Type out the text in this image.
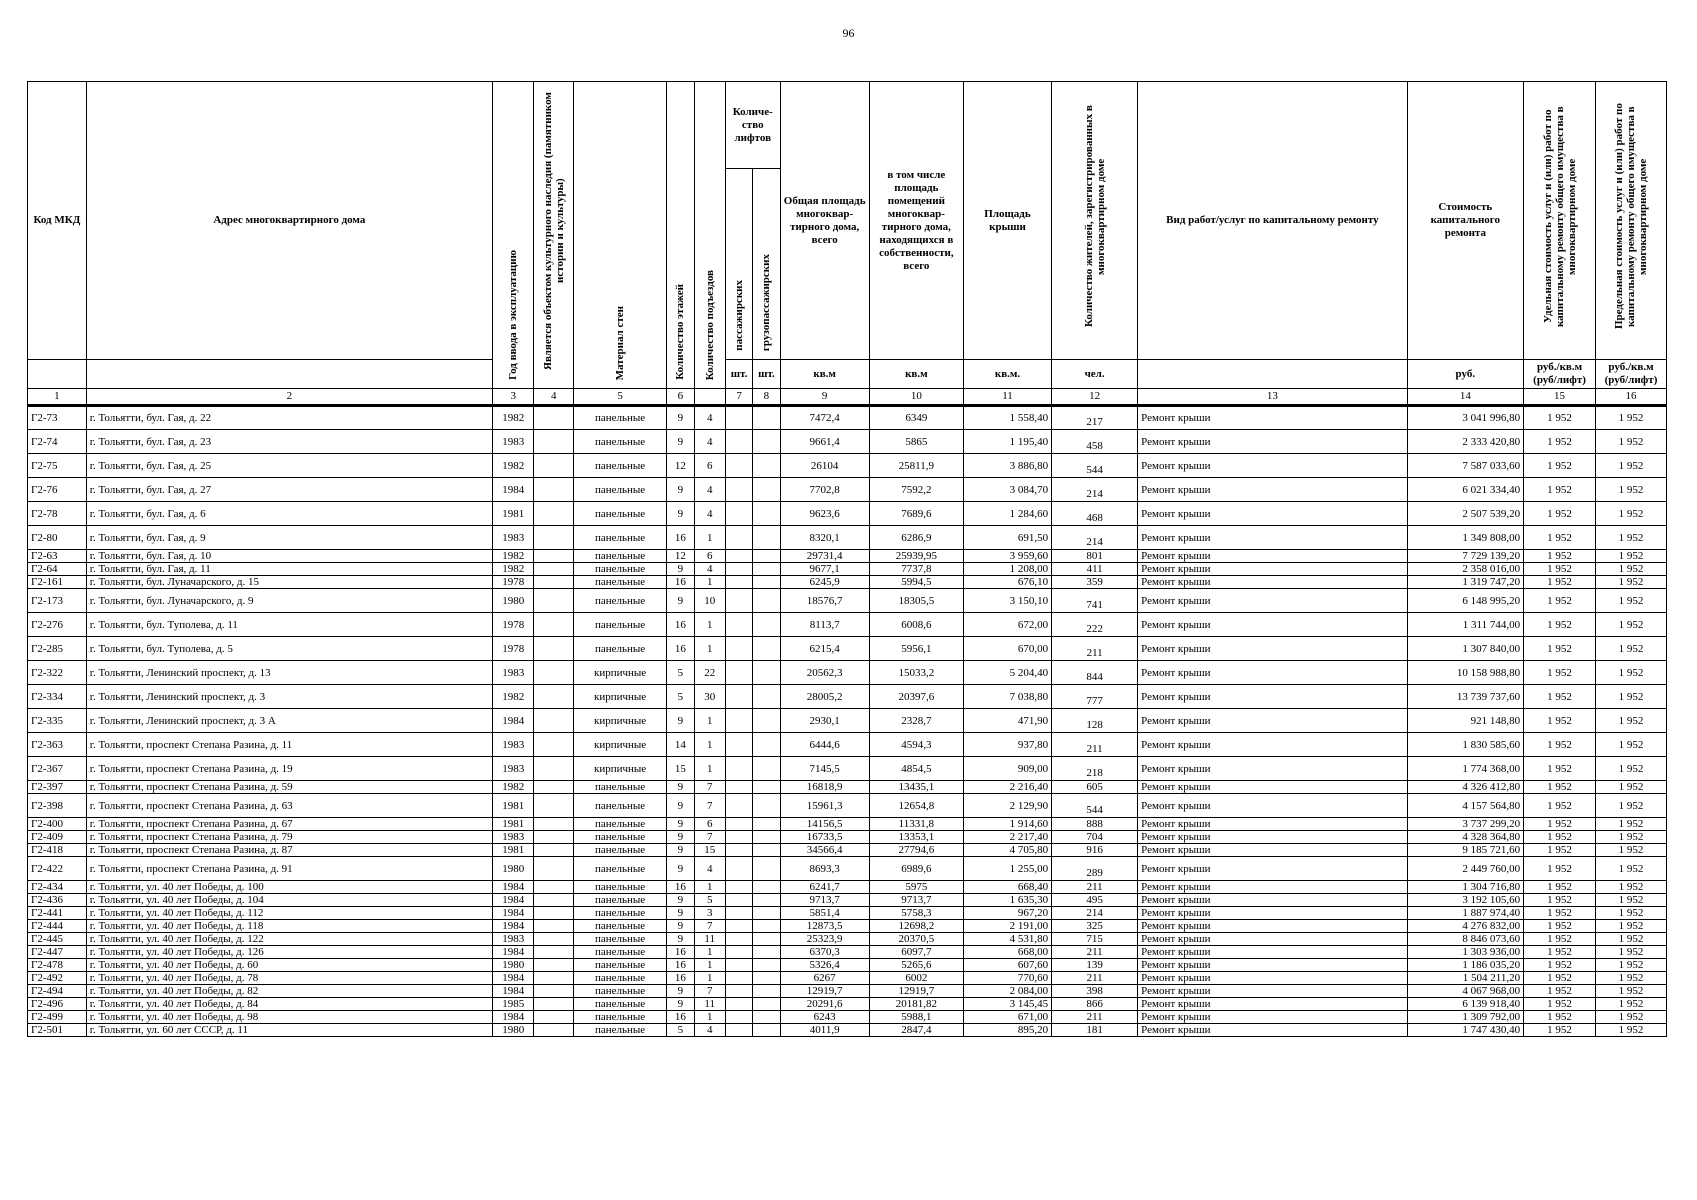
96
Код МКД	Адрес многоквартирного дома	Год ввода в эксплуатацию	Является объектом культурного наследия (памятником истории и культуры)	Материал стен	Количество этажей	Количество подъездов	Количе-ство лифтов		Общая площадь многоквар-тирного дома, всего	в том числе площадь помещений многоквар-тирного дома, находящихся в собственности, всего	Площадь крыши	Количество жителей, зарегистрированных в многоквартирном доме	Вид работ/услуг по капитальному ремонту	Стоимость капитального ремонта	Удельная стоимость услуг и (или) работ по капитальному ремонту общего имущества в многоквартирном доме	Предельная стоимость услуг и (или) работ по капитальному ремонту общего имущества в многоквартирном доме
							пассажирских	грузопассажирских								
							шт.	шт.	кв.м	кв.м	кв.м.	чел.		руб.	руб./кв.м (руб/лифт)	руб./кв.м (руб/лифт)
1	2	3	4	5	6		7	8	9	10	11	12	13	14	15	16
Г2-73	г. Тольятти, бул. Гая, д. 22	1982		панельные	9	4			7472,4	6349	1 558,40	217	Ремонт крыши	3 041 996,80	1 952	1 952
Г2-74	г. Тольятти, бул. Гая, д. 23	1983		панельные	9	4			9661,4	5865	1 195,40	458	Ремонт крыши	2 333 420,80	1 952	1 952
Г2-75	г. Тольятти, бул. Гая, д. 25	1982		панельные	12	6			26104	25811,9	3 886,80	544	Ремонт крыши	7 587 033,60	1 952	1 952
Г2-76	г. Тольятти, бул. Гая, д. 27	1984		панельные	9	4			7702,8	7592,2	3 084,70	214	Ремонт крыши	6 021 334,40	1 952	1 952
Г2-78	г. Тольятти, бул. Гая, д. 6	1981		панельные	9	4			9623,6	7689,6	1 284,60	468	Ремонт крыши	2 507 539,20	1 952	1 952
Г2-80	г. Тольятти, бул. Гая, д. 9	1983		панельные	16	1			8320,1	6286,9	691,50	214	Ремонт крыши	1 349 808,00	1 952	1 952
Г2-63	г. Тольятти, бул. Гая, д. 10	1982		панельные	12	6			29731,4	25939,95	3 959,60	801	Ремонт крыши	7 729 139,20	1 952	1 952
Г2-64	г. Тольятти, бул. Гая, д. 11	1982		панельные	9	4			9677,1	7737,8	1 208,00	411	Ремонт крыши	2 358 016,00	1 952	1 952
Г2-161	г. Тольятти, бул. Луначарского, д. 15	1978		панельные	16	1			6245,9	5994,5	676,10	359	Ремонт крыши	1 319 747,20	1 952	1 952
Г2-173	г. Тольятти, бул. Луначарского, д. 9	1980		панельные	9	10			18576,7	18305,5	3 150,10	741	Ремонт крыши	6 148 995,20	1 952	1 952
Г2-276	г. Тольятти, бул. Туполева, д. 11	1978		панельные	16	1			8113,7	6008,6	672,00	222	Ремонт крыши	1 311 744,00	1 952	1 952
Г2-285	г. Тольятти, бул. Туполева, д. 5	1978		панельные	16	1			6215,4	5956,1	670,00	211	Ремонт крыши	1 307 840,00	1 952	1 952
Г2-322	г. Тольятти, Ленинский проспект, д. 13	1983		кирпичные	5	22			20562,3	15033,2	5 204,40	844	Ремонт крыши	10 158 988,80	1 952	1 952
Г2-334	г. Тольятти, Ленинский проспект, д. 3	1982		кирпичные	5	30			28005,2	20397,6	7 038,80	777	Ремонт крыши	13 739 737,60	1 952	1 952
Г2-335	г. Тольятти, Ленинский проспект, д. 3 А	1984		кирпичные	9	1			2930,1	2328,7	471,90	128	Ремонт крыши	921 148,80	1 952	1 952
Г2-363	г. Тольятти, проспект Степана Разина, д. 11	1983		кирпичные	14	1			6444,6	4594,3	937,80	211	Ремонт крыши	1 830 585,60	1 952	1 952
Г2-367	г. Тольятти, проспект Степана Разина, д. 19	1983		кирпичные	15	1			7145,5	4854,5	909,00	218	Ремонт крыши	1 774 368,00	1 952	1 952
Г2-397	г. Тольятти, проспект Степана Разина, д. 59	1982		панельные	9	7			16818,9	13435,1	2 216,40	605	Ремонт крыши	4 326 412,80	1 952	1 952
Г2-398	г. Тольятти, проспект Степана Разина, д. 63	1981		панельные	9	7			15961,3	12654,8	2 129,90	544	Ремонт крыши	4 157 564,80	1 952	1 952
Г2-400	г. Тольятти, проспект Степана Разина, д. 67	1981		панельные	9	6			14156,5	11331,8	1 914,60	888	Ремонт крыши	3 737 299,20	1 952	1 952
Г2-409	г. Тольятти, проспект Степана Разина, д. 79	1983		панельные	9	7			16733,5	13353,1	2 217,40	704	Ремонт крыши	4 328 364,80	1 952	1 952
Г2-418	г. Тольятти, проспект Степана Разина, д. 87	1981		панельные	9	15			34566,4	27794,6	4 705,80	916	Ремонт крыши	9 185 721,60	1 952	1 952
Г2-422	г. Тольятти, проспект Степана Разина, д. 91	1980		панельные	9	4			8693,3	6989,6	1 255,00	289	Ремонт крыши	2 449 760,00	1 952	1 952
Г2-434	г. Тольятти, ул. 40 лет Победы, д. 100	1984		панельные	16	1			6241,7	5975	668,40	211	Ремонт крыши	1 304 716,80	1 952	1 952
Г2-436	г. Тольятти, ул. 40 лет Победы, д. 104	1984		панельные	9	5			9713,7	9713,7	1 635,30	495	Ремонт крыши	3 192 105,60	1 952	1 952
Г2-441	г. Тольятти, ул. 40 лет Победы, д. 112	1984		панельные	9	3			5851,4	5758,3	967,20	214	Ремонт крыши	1 887 974,40	1 952	1 952
Г2-444	г. Тольятти, ул. 40 лет Победы, д. 118	1984		панельные	9	7			12873,5	12698,2	2 191,00	325	Ремонт крыши	4 276 832,00	1 952	1 952
Г2-445	г. Тольятти, ул. 40 лет Победы, д. 122	1983		панельные	9	11			25323,9	20370,5	4 531,80	715	Ремонт крыши	8 846 073,60	1 952	1 952
Г2-447	г. Тольятти, ул. 40 лет Победы, д. 126	1984		панельные	16	1			6370,3	6097,7	668,00	211	Ремонт крыши	1 303 936,00	1 952	1 952
Г2-478	г. Тольятти, ул. 40 лет Победы, д. 60	1980		панельные	16	1			5326,4	5265,6	607,60	139	Ремонт крыши	1 186 035,20	1 952	1 952
Г2-492	г. Тольятти, ул. 40 лет Победы, д. 78	1984		панельные	16	1			6267	6002	770,60	211	Ремонт крыши	1 504 211,20	1 952	1 952
Г2-494	г. Тольятти, ул. 40 лет Победы, д. 82	1984		панельные	9	7			12919,7	12919,7	2 084,00	398	Ремонт крыши	4 067 968,00	1 952	1 952
Г2-496	г. Тольятти, ул. 40 лет Победы, д. 84	1985		панельные	9	11			20291,6	20181,82	3 145,45	866	Ремонт крыши	6 139 918,40	1 952	1 952
Г2-499	г. Тольятти, ул. 40 лет Победы, д. 98	1984		панельные	16	1			6243	5988,1	671,00	211	Ремонт крыши	1 309 792,00	1 952	1 952
Г2-501	г. Тольятти, ул. 60 лет СССР, д. 11	1980		панельные	5	4			4011,9	2847,4	895,20	181	Ремонт крыши	1 747 430,40	1 952	1 952
